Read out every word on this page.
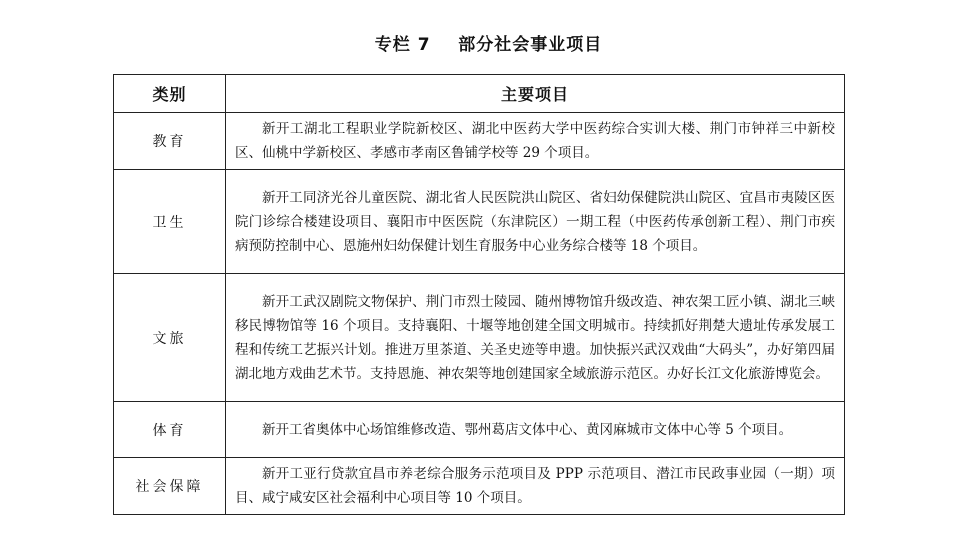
专栏 7    部分社会事业项目
类别	主要项目
教育	新开工湖北工程职业学院新校区、湖北中医药大学中医药综合实训大楼、荆门市钟祥三中新校区、仙桃中学新校区、孝感市孝南区鲁铺学校等 29 个项目。
卫生	新开工同济光谷儿童医院、湖北省人民医院洪山院区、省妇幼保健院洪山院区、宜昌市夷陵区医院门诊综合楼建设项目、襄阳市中医医院（东津院区）一期工程（中医药传承创新工程）、荆门市疾病预防控制中心、恩施州妇幼保健计划生育服务中心业务综合楼等 18 个项目。
文旅	新开工武汉剧院文物保护、荆门市烈士陵园、随州博物馆升级改造、神农架工匠小镇、湖北三峡移民博物馆等 16 个项目。支持襄阳、十堰等地创建全国文明城市。持续抓好荆楚大遗址传承发展工程和传统工艺振兴计划。推进万里茶道、关圣史迹等申遗。加快振兴武汉戏曲“大码头”，办好第四届湖北地方戏曲艺术节。支持恩施、神农架等地创建国家全域旅游示范区。办好长江文化旅游博览会。
体育	新开工省奥体中心场馆维修改造、鄂州葛店文体中心、黄冈麻城市文体中心等 5 个项目。
社会保障	新开工亚行贷款宜昌市养老综合服务示范项目及 PPP 示范项目、潜江市民政事业园（一期）项目、咸宁咸安区社会福利中心项目等 10 个项目。
